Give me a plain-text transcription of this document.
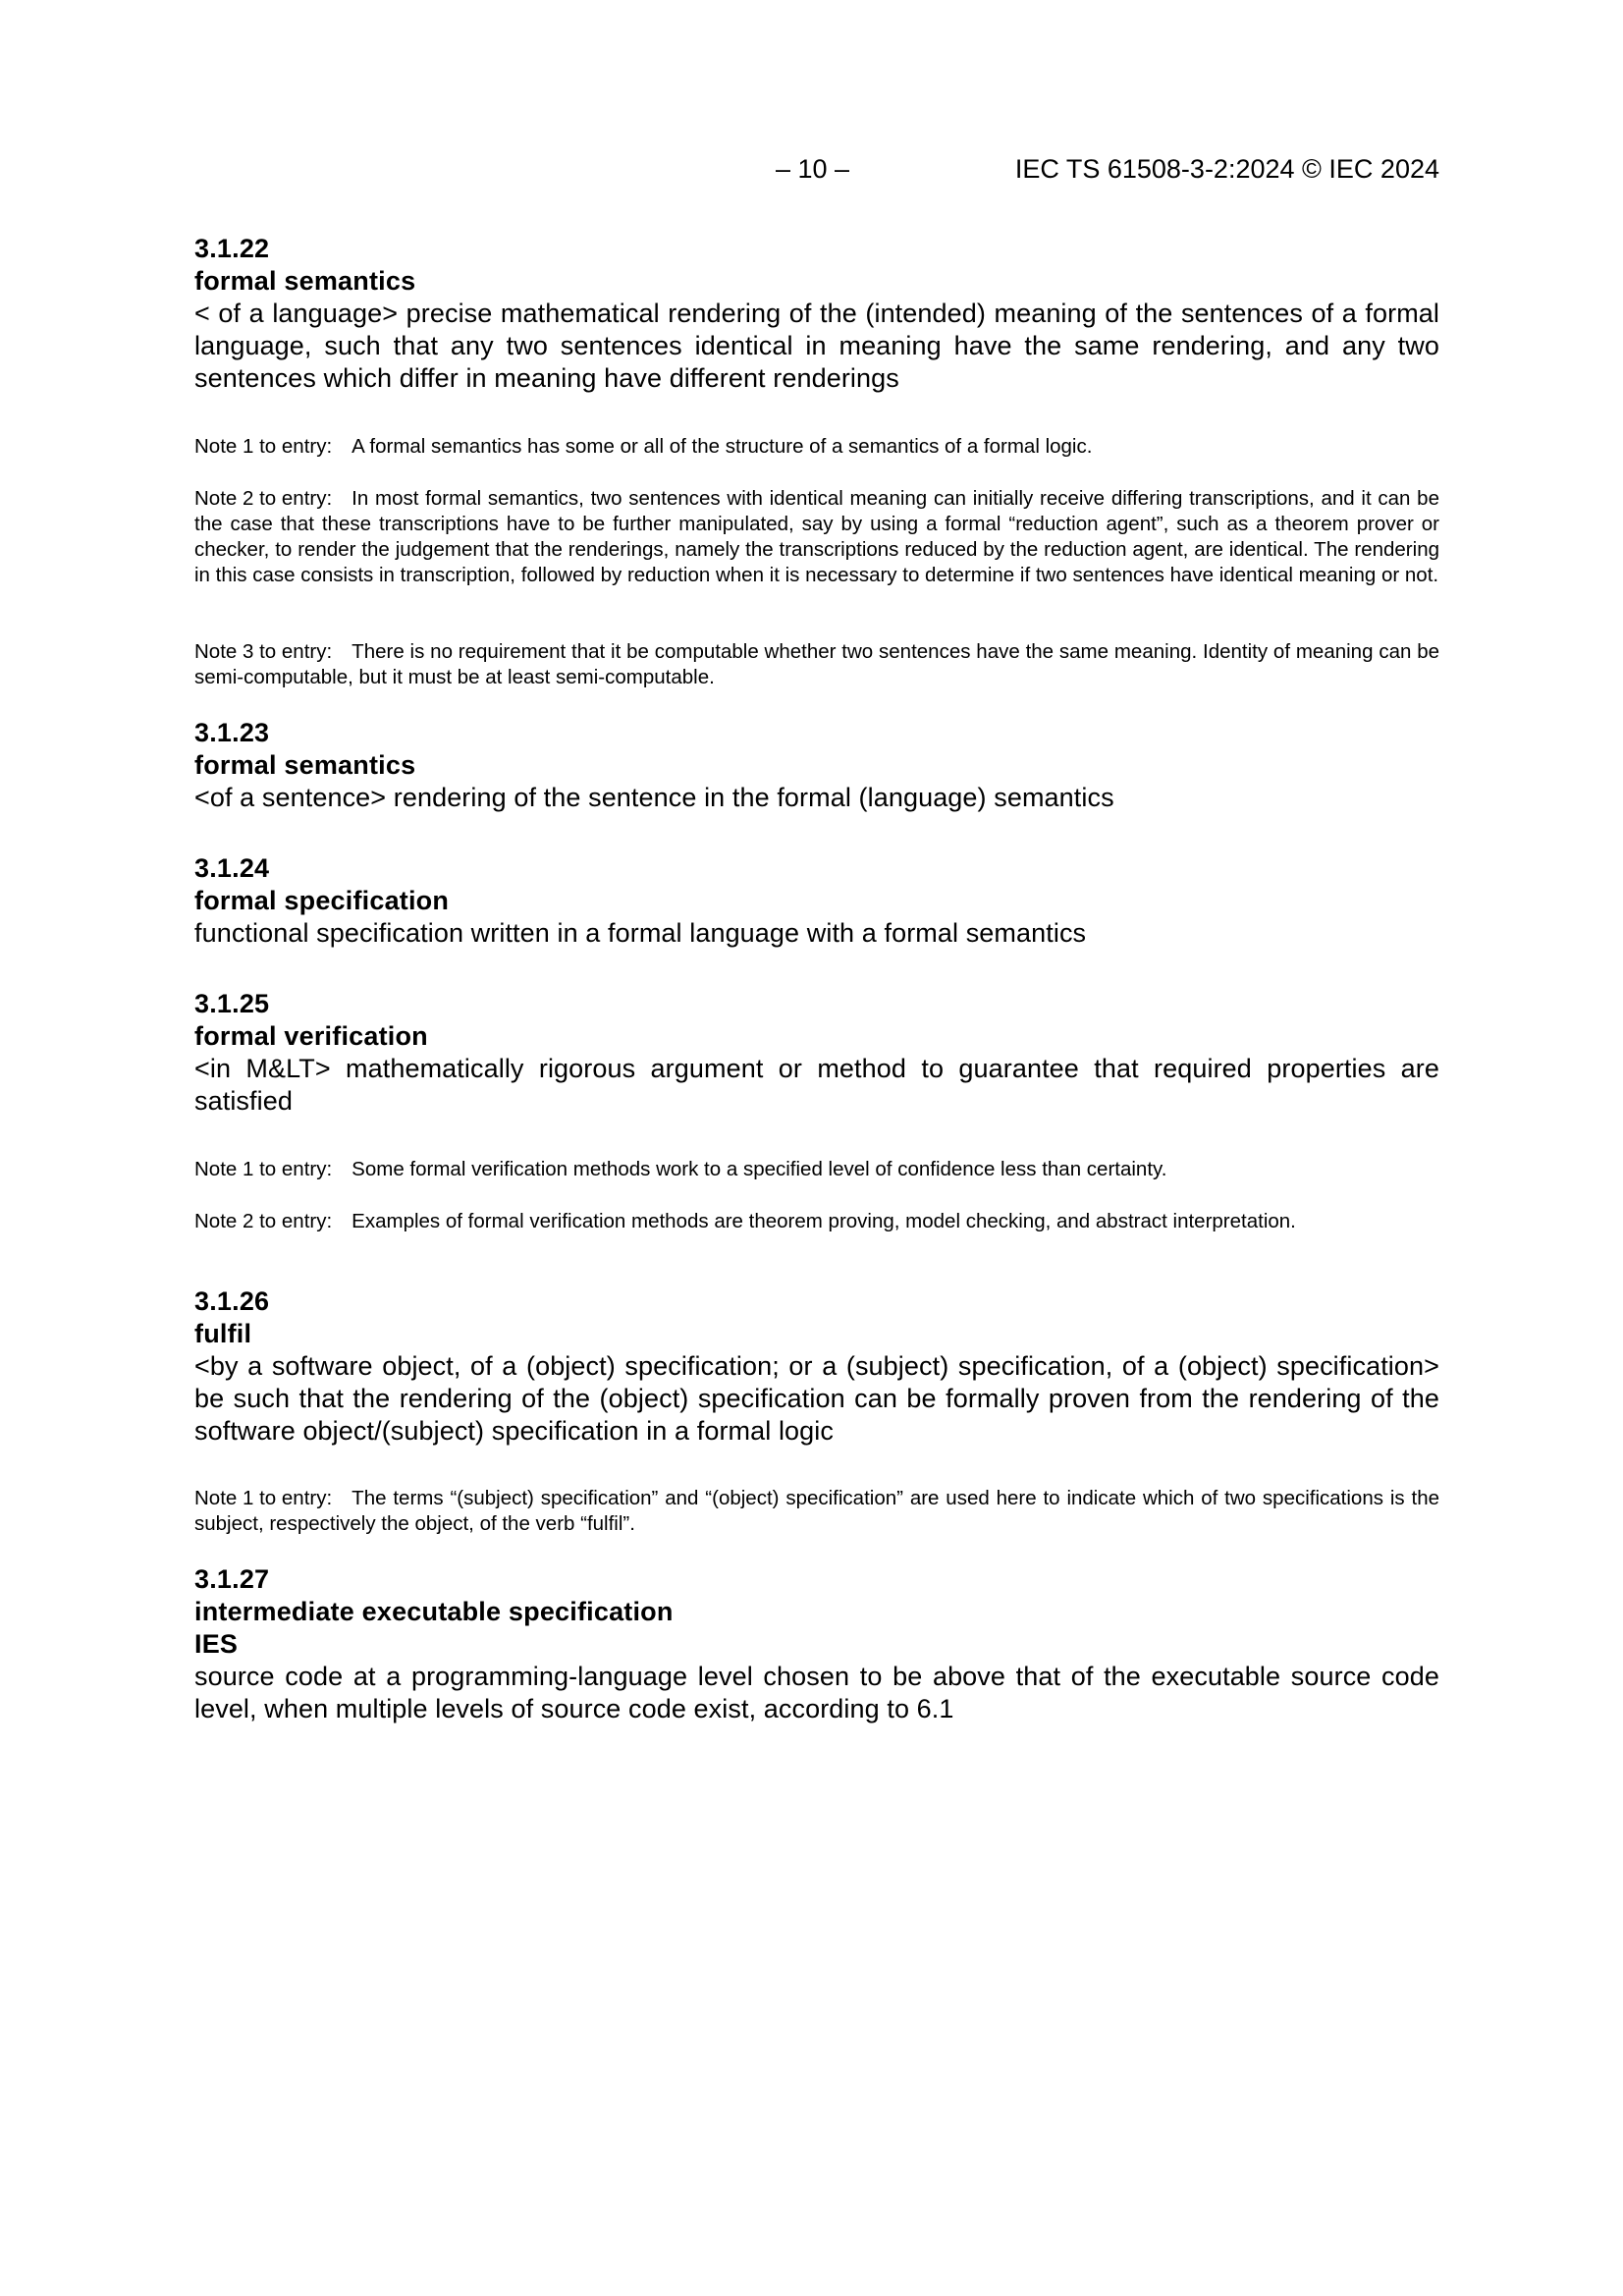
– 10 –	IEC TS 61508-3-2:2024 © IEC 2024
3.1.22
formal semantics
< of a language> precise mathematical rendering of the (intended) meaning of the sentences of a formal language, such that any two sentences identical in meaning have the same rendering, and any two sentences which differ in meaning have different renderings
Note 1 to entry: A formal semantics has some or all of the structure of a semantics of a formal logic.
Note 2 to entry: In most formal semantics, two sentences with identical meaning can initially receive differing transcriptions, and it can be the case that these transcriptions have to be further manipulated, say by using a formal “reduction agent”, such as a theorem prover or checker, to render the judgement that the renderings, namely the transcriptions reduced by the reduction agent, are identical. The rendering in this case consists in transcription, followed by reduction when it is necessary to determine if two sentences have identical meaning or not.
Note 3 to entry: There is no requirement that it be computable whether two sentences have the same meaning. Identity of meaning can be semi-computable, but it must be at least semi-computable.
3.1.23
formal semantics
<of a sentence> rendering of the sentence in the formal (language) semantics
3.1.24
formal specification
functional specification written in a formal language with a formal semantics
3.1.25
formal verification
<in M&LT> mathematically rigorous argument or method to guarantee that required properties are satisfied
Note 1 to entry: Some formal verification methods work to a specified level of confidence less than certainty.
Note 2 to entry: Examples of formal verification methods are theorem proving, model checking, and abstract interpretation.
3.1.26
fulfil
<by a software object, of a (object) specification; or a (subject) specification, of a (object) specification> be such that the rendering of the (object) specification can be formally proven from the rendering of the software object/(subject) specification in a formal logic
Note 1 to entry: The terms “(subject) specification” and “(object) specification” are used here to indicate which of two specifications is the subject, respectively the object, of the verb “fulfil”.
3.1.27
intermediate executable specification
IES
source code at a programming-language level chosen to be above that of the executable source code level, when multiple levels of source code exist, according to 6.1
